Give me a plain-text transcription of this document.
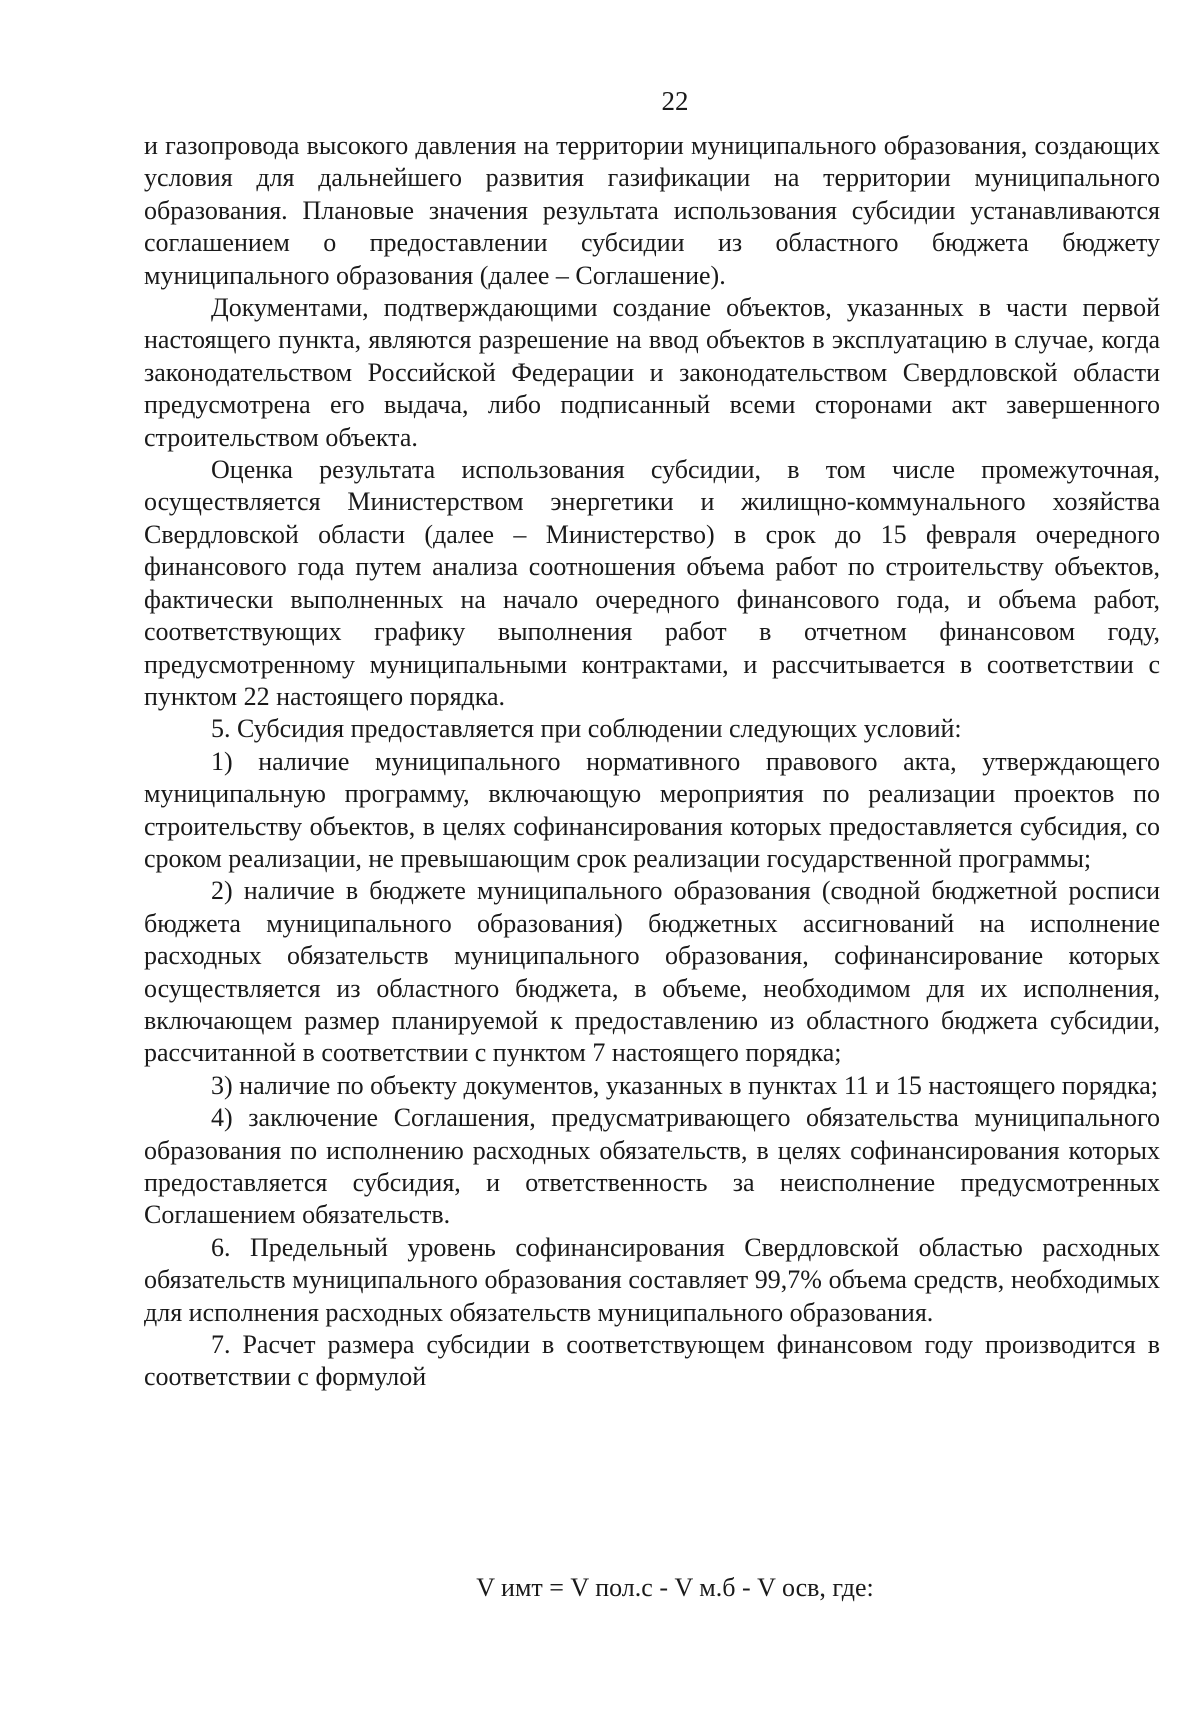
22

и газопровода высокого давления на территории муниципального образования, создающих условия для дальнейшего развития газификации на территории муниципального образования. Плановые значения результата использования субсидии устанавливаются соглашением о предоставлении субсидии из областного бюджета бюджету муниципального образования (далее – Соглашение).

Документами, подтверждающими создание объектов, указанных в части первой настоящего пункта, являются разрешение на ввод объектов в эксплуатацию в случае, когда законодательством Российской Федерации и законодательством Свердловской области предусмотрена его выдача, либо подписанный всеми сторонами акт завершенного строительством объекта.

Оценка результата использования субсидии, в том числе промежуточная, осуществляется Министерством энергетики и жилищно-коммунального хозяйства Свердловской области (далее – Министерство) в срок до 15 февраля очередного финансового года путем анализа соотношения объема работ по строительству объектов, фактически выполненных на начало очередного финансового года, и объема работ, соответствующих графику выполнения работ в отчетном финансовом году, предусмотренному муниципальными контрактами, и рассчитывается в соответствии с пунктом 22 настоящего порядка.

5. Субсидия предоставляется при соблюдении следующих условий:

1) наличие муниципального нормативного правового акта, утверждающего муниципальную программу, включающую мероприятия по реализации проектов по строительству объектов, в целях софинансирования которых предоставляется субсидия, со сроком реализации, не превышающим срок реализации государственной программы;

2) наличие в бюджете муниципального образования (сводной бюджетной росписи бюджета муниципального образования) бюджетных ассигнований на исполнение расходных обязательств муниципального образования, софинансирование которых осуществляется из областного бюджета, в объеме, необходимом для их исполнения, включающем размер планируемой к предоставлению из областного бюджета субсидии, рассчитанной в соответствии с пунктом 7 настоящего порядка;

3) наличие по объекту документов, указанных в пунктах 11 и 15 настоящего порядка;

4) заключение Соглашения, предусматривающего обязательства муниципального образования по исполнению расходных обязательств, в целях софинансирования которых предоставляется субсидия, и ответственность за неисполнение предусмотренных Соглашением обязательств.

6. Предельный уровень софинансирования Свердловской областью расходных обязательств муниципального образования составляет 99,7% объема средств, необходимых для исполнения расходных обязательств муниципального образования.

7. Расчет размера субсидии в соответствующем финансовом году производится в соответствии с формулой

V имт = V пол.с - V м.б - V осв, где:
